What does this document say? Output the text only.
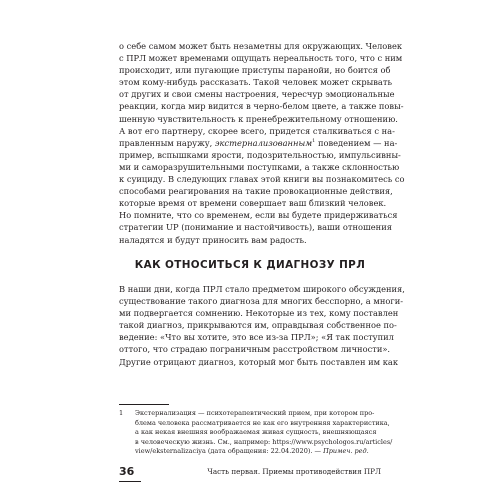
о себе самом может быть незаметны для окружающих. Человек
с ПРЛ может временами ощущать нереальность того, что с ним
происходит, или пугающие приступы паранойи, но боится об
этом кому-нибудь рассказать. Такой человек может скрывать
от других и свои смены настроения, чересчур эмоциональные
реакции, когда мир видится в черно-белом цвете, а также повы-
шенную чувствительность к пренебрежительному отношению.
А вот его партнеру, скорее всего, придется сталкиваться с на-
правленным наружу, экстернализованным$^1$ поведением — на-
пример, вспышками ярости, подозрительностью, импульсивны-
ми и саморазрушительными поступками, а также склонностью
к суициду. В следующих главах этой книги вы познакомитесь со
способами реагирования на такие провокационные действия,
которые время от времени совершает ваш близкий человек.
Но помните, что со временем, если вы будете придерживаться
стратегии UP (понимание и настойчивость), ваши отношения
наладятся и будут приносить вам радость.
КАК ОТНОСИТЬСЯ К ДИАГНОЗУ ПРЛ
В наши дни, когда ПРЛ стало предметом широкого обсуждения,
существование такого диагноза для многих бесспорно, а многи-
ми подвергается сомнению. Некоторые из тех, кому поставлен
такой диагноз, прикрываются им, оправдывая собственное по-
ведение: «Что вы хотите, это все из-за ПРЛ»; «Я так поступил
оттого, что страдаю пограничным расстройством личности».
Другие отрицают диагноз, который мог быть поставлен им как
1 Экстернализация — психотерапевтический прием, при котором про-
блема человека рассматривается не как его внутренняя характеристика,
а как некая внешняя воображаемая живая сущность, внешняющаяся
в человеческую жизнь. См., например: https://www.psychologos.ru/articles/
view/eksternalizaciya (дата обращения: 22.04.2020). — Примеч. ред.
36	Часть первая. Приемы противодействия ПРЛ
